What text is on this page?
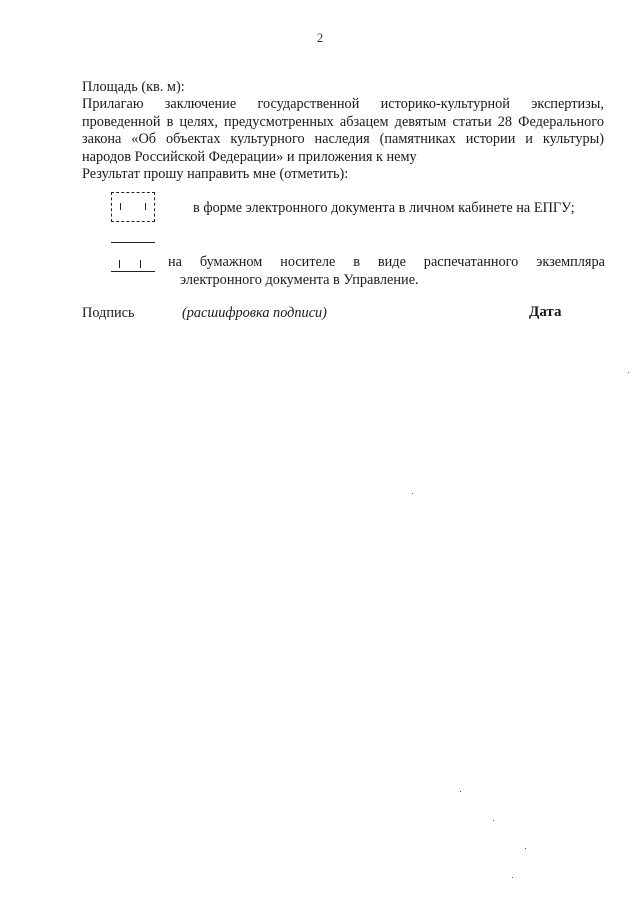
2
Площадь (кв. м):
Прилагаю заключение государственной историко-культурной экспертизы, проведенной в целях, предусмотренных абзацем девятым статьи 28 Федерального закона «Об объектах культурного наследия (памятниках истории и культуры) народов Российской Федерации» и приложения к нему
Результат прошу направить мне (отметить):
в форме электронного документа в личном кабинете на ЕПГУ;
на бумажном носителе в виде распечатанного экземпляра
электронного документа в Управление.
Подпись	(расшифровка подписи)	Дата
